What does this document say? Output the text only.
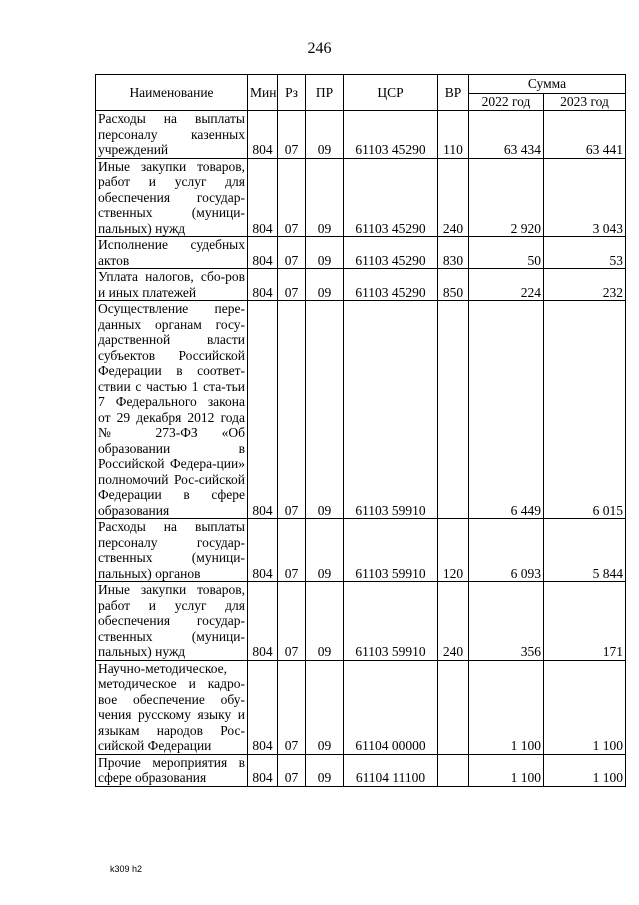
246
Наименование	Мин	Рз	ПР	ЦСР	ВР	Сумма	
						2022 год	2023 год
Расходы на выплаты персоналу казенных учреждений	804	07	09	61103 45290	110	63 434	63 441
Иные закупки товаров, работ и услуг для обеспечения государ-ственных (муници-пальных) нужд	804	07	09	61103 45290	240	2 920	3 043
Исполнение судебных актов	804	07	09	61103 45290	830	50	53
Уплата налогов, сбо-ров и иных платежей	804	07	09	61103 45290	850	224	232
Осуществление пере-данных органам госу-дарственной власти субъектов Российской Федерации в соответ-ствии с частью 1 ста-тьи 7 Федерального закона от 29 декабря 2012 года № 273-ФЗ «Об образовании в Российской Федера-ции» полномочий Рос-сийской Федерации в сфере образования	804	07	09	61103 59910		6 449	6 015
Расходы на выплаты персоналу государ-ственных (муници-пальных) органов	804	07	09	61103 59910	120	6 093	5 844
Иные закупки товаров, работ и услуг для обеспечения государ-ственных (муници-пальных) нужд	804	07	09	61103 59910	240	356	171
Научно-методическое, методическое и кадро-вое обеспечение обу-чения русскому языку и языкам народов Рос-сийской Федерации	804	07	09	61104 00000		1 100	1 100
Прочие мероприятия в сфере образования	804	07	09	61104 11100		1 100	1 100
k309 h2
